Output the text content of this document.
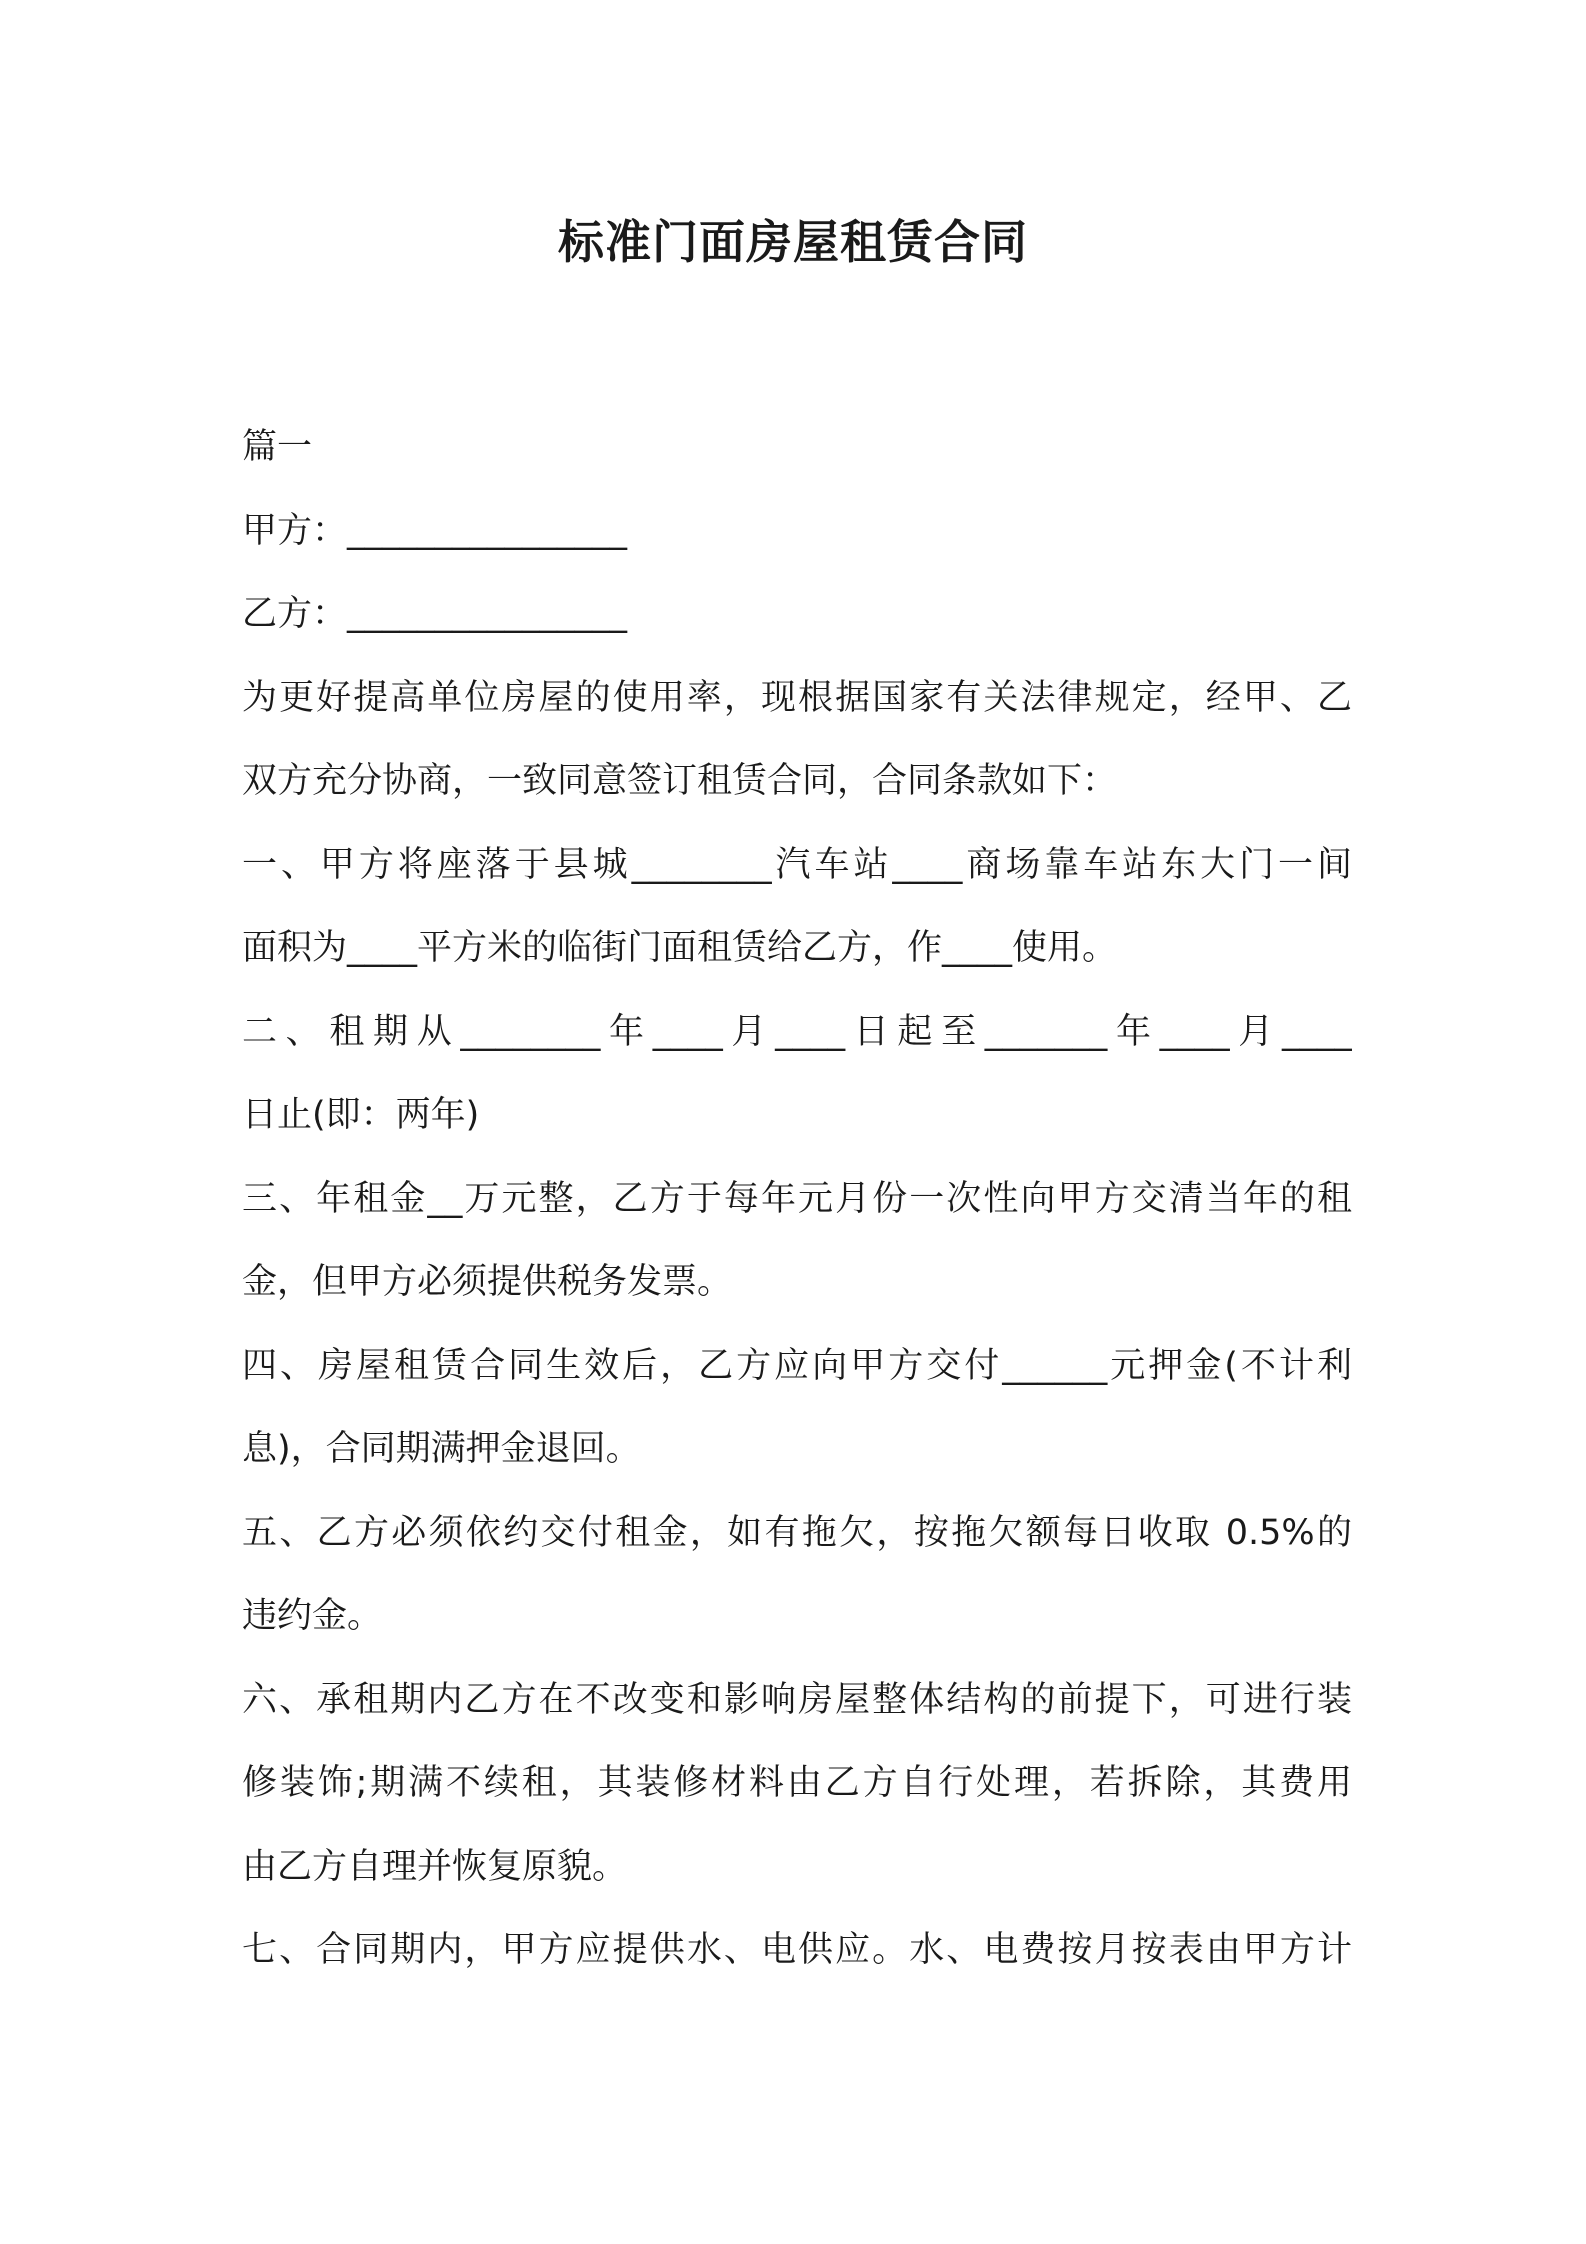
标准门面房屋租赁合同
篇一
甲方：________________
乙方：________________
为更好提高单位房屋的使用率，现根据国家有关法律规定，经甲、乙
双方充分协商，一致同意签订租赁合同，合同条款如下：
一、甲方将座落于县城________汽车站____商场靠车站东大门一间
面积为____平方米的临街门面租赁给乙方，作____使用。
二、租期从________年____月____日起至_______年____月____
日止(即：两年)
三、年租金__万元整，乙方于每年元月份一次性向甲方交清当年的租
金，但甲方必须提供税务发票。
四、房屋租赁合同生效后，乙方应向甲方交付______元押金(不计利
息)，合同期满押金退回。
五、乙方必须依约交付租金，如有拖欠，按拖欠额每日收取 0.5%的
违约金。
六、承租期内乙方在不改变和影响房屋整体结构的前提下，可进行装
修装饰;期满不续租，其装修材料由乙方自行处理，若拆除，其费用
由乙方自理并恢复原貌。
七、合同期内，甲方应提供水、电供应。水、电费按月按表由甲方计
